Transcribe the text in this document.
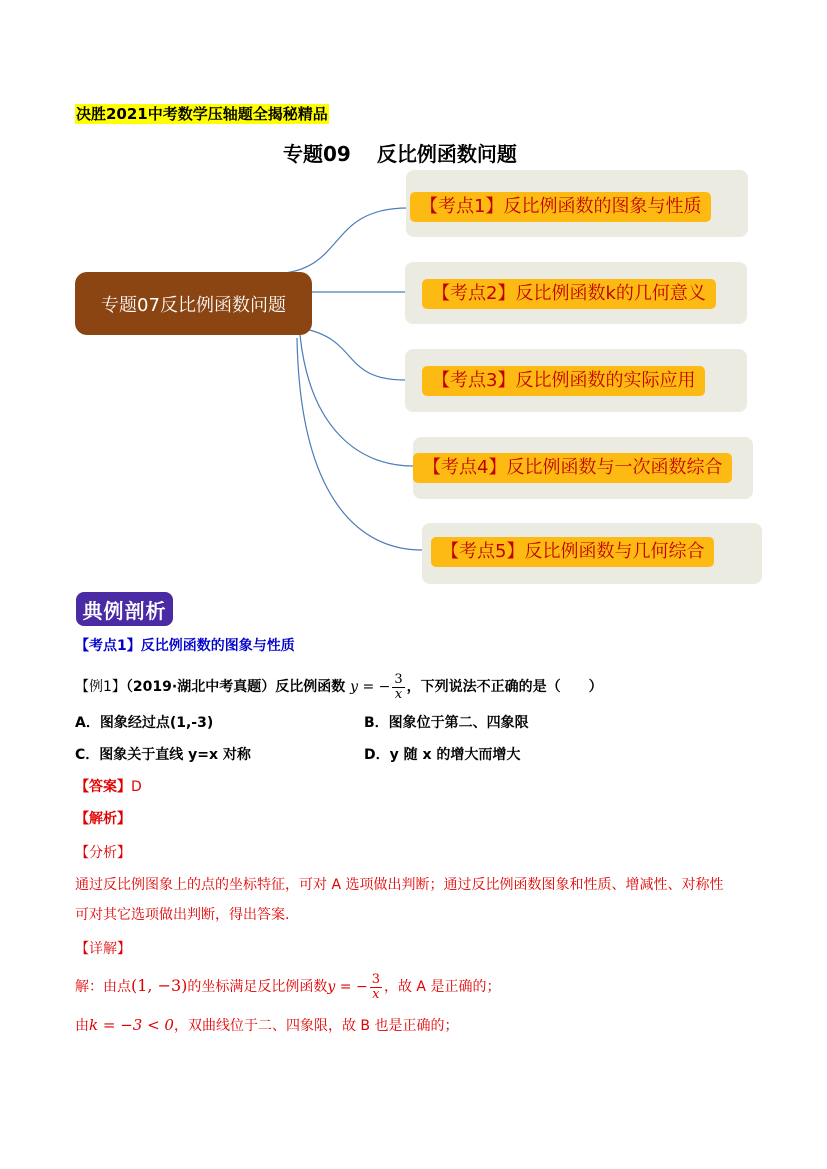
决胜2021中考数学压轴题全揭秘精品
专题09 反比例函数问题
【考点1】反比例函数的图象与性质
【考点2】反比例函数k的几何意义
【考点3】反比例函数的实际应用
【考点4】反比例函数与一次函数综合
【考点5】反比例函数与几何综合
专题07反比例函数问题
典例剖析
【考点1】反比例函数的图象与性质
【例1】（2019·湖北中考真题）反比例函数 y = − $\frac{3}{x}$ ，下列说法不正确的是（　　）
A．图象经过点(1,-3)	B．图象位于第二、四象限
C．图象关于直线 y=x 对称	D．y 随 x 的增大而增大
【答案】D
【解析】
【分析】
通过反比例图象上的点的坐标特征，可对 A 选项做出判断；通过反比例函数图象和性质、增减性、对称性
可对其它选项做出判断，得出答案.
【详解】
解：由点(1, −3)的坐标满足反比例函数y = − $\frac{3}{x}$ ，故 A 是正确的；
由k = −3 < 0，双曲线位于二、四象限，故 B 也是正确的；
